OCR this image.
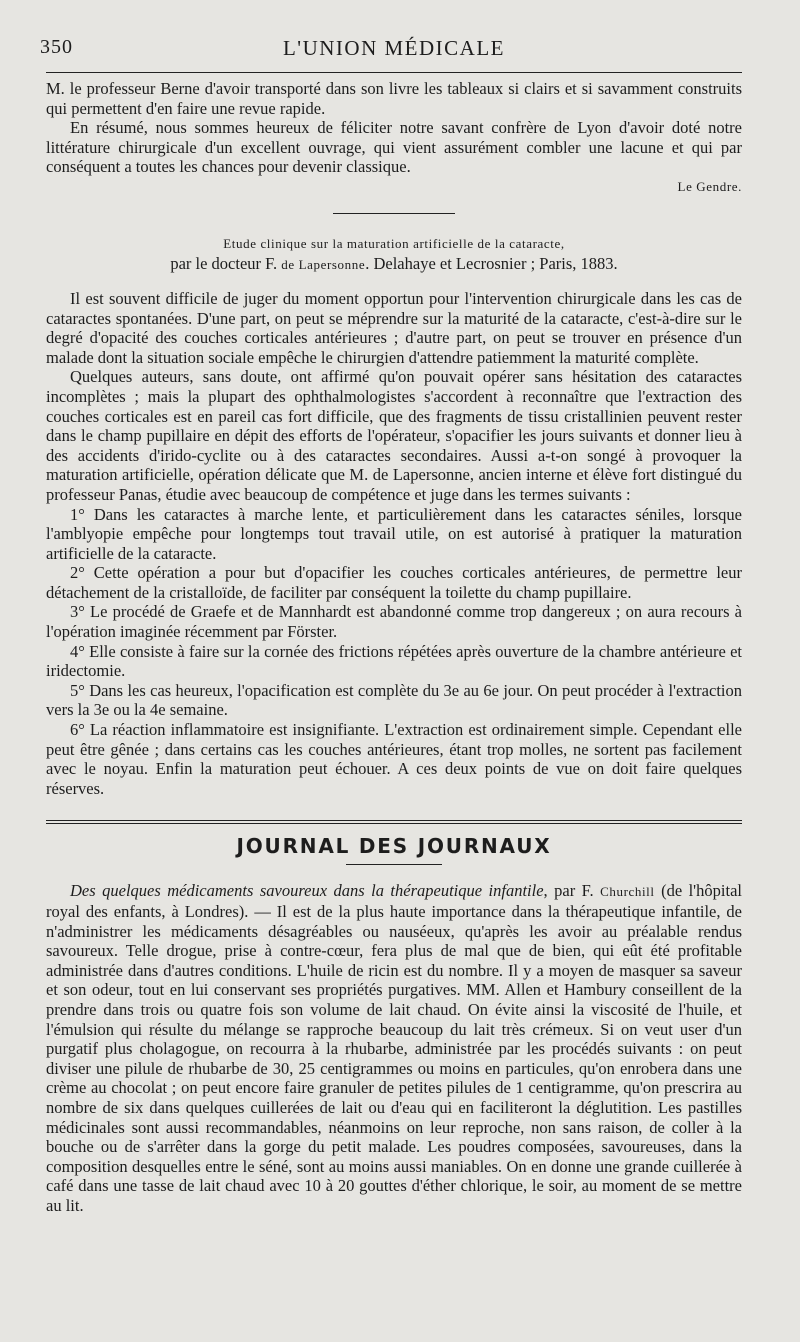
350	L'UNION MÉDICALE

M. le professeur Berne d'avoir transporté dans son livre les tableaux si clairs et si savamment construits qui permettent d'en faire une revue rapide.

En résumé, nous sommes heureux de féliciter notre savant confrère de Lyon d'avoir doté notre littérature chirurgicale d'un excellent ouvrage, qui vient assurément combler une lacune et qui par conséquent a toutes les chances pour devenir classique.

Le Gendre.
Etude clinique sur la maturation artificielle de la cataracte,
par le docteur F. de Lapersonne. Delahaye et Lecrosnier ; Paris, 1883.

Il est souvent difficile de juger du moment opportun pour l'intervention chirurgicale dans les cas de cataractes spontanées. D'une part, on peut se méprendre sur la maturité de la cataracte, c'est-à-dire sur le degré d'opacité des couches corticales antérieures ; d'autre part, on peut se trouver en présence d'un malade dont la situation sociale empêche le chirurgien d'attendre patiemment la maturité complète.

Quelques auteurs, sans doute, ont affirmé qu'on pouvait opérer sans hésitation des cataractes incomplètes ; mais la plupart des ophthalmologistes s'accordent à reconnaître que l'extraction des couches corticales est en pareil cas fort difficile, que des fragments de tissu cristallinien peuvent rester dans le champ pupillaire en dépit des efforts de l'opérateur, s'opacifier les jours suivants et donner lieu à des accidents d'irido-cyclite ou à des cataractes secondaires. Aussi a-t-on songé à provoquer la maturation artificielle, opération délicate que M. de Lapersonne, ancien interne et élève fort distingué du professeur Panas, étudie avec beaucoup de compétence et juge dans les termes suivants :

1° Dans les cataractes à marche lente, et particulièrement dans les cataractes séniles, lorsque l'amblyopie empêche pour longtemps tout travail utile, on est autorisé à pratiquer la maturation artificielle de la cataracte.

2° Cette opération a pour but d'opacifier les couches corticales antérieures, de permettre leur détachement de la cristalloïde, de faciliter par conséquent la toilette du champ pupillaire.

3° Le procédé de Graefe et de Mannhardt est abandonné comme trop dangereux ; on aura recours à l'opération imaginée récemment par Förster.

4° Elle consiste à faire sur la cornée des frictions répétées après ouverture de la chambre antérieure et iridectomie.

5° Dans les cas heureux, l'opacification est complète du 3e au 6e jour. On peut procéder à l'extraction vers la 3e ou la 4e semaine.

6° La réaction inflammatoire est insignifiante. L'extraction est ordinairement simple. Cependant elle peut être gênée ; dans certains cas les couches antérieures, étant trop molles, ne sortent pas facilement avec le noyau. Enfin la maturation peut échouer. A ces deux points de vue on doit faire quelques réserves.

JOURNAL DES JOURNAUX

Des quelques médicaments savoureux dans la thérapeutique infantile, par F. Churchill (de l'hôpital royal des enfants, à Londres). — Il est de la plus haute importance dans la thérapeutique infantile, de n'administrer les médicaments désagréables ou nauséeux, qu'après les avoir au préalable rendus savoureux. Telle drogue, prise à contre-cœur, fera plus de mal que de bien, qui eût été profitable administrée dans d'autres conditions. L'huile de ricin est du nombre. Il y a moyen de masquer sa saveur et son odeur, tout en lui conservant ses propriétés purgatives. MM. Allen et Hambury conseillent de la prendre dans trois ou quatre fois son volume de lait chaud. On évite ainsi la viscosité de l'huile, et l'émulsion qui résulte du mélange se rapproche beaucoup du lait très crémeux. Si on veut user d'un purgatif plus cholagogue, on recourra à la rhubarbe, administrée par les procédés suivants : on peut diviser une pilule de rhubarbe de 30, 25 centigrammes ou moins en particules, qu'on enrobera dans une crème au chocolat ; on peut encore faire granuler de petites pilules de 1 centigramme, qu'on prescrira au nombre de six dans quelques cuillerées de lait ou d'eau qui en faciliteront la déglutition. Les pastilles médicinales sont aussi recommandables, néanmoins on leur reproche, non sans raison, de coller à la bouche ou de s'arrêter dans la gorge du petit malade. Les poudres composées, savoureuses, dans la composition desquelles entre le séné, sont au moins aussi maniables. On en donne une grande cuillerée à café dans une tasse de lait chaud avec 10 à 20 gouttes d'éther chlorique, le soir, au moment de se mettre au lit.
